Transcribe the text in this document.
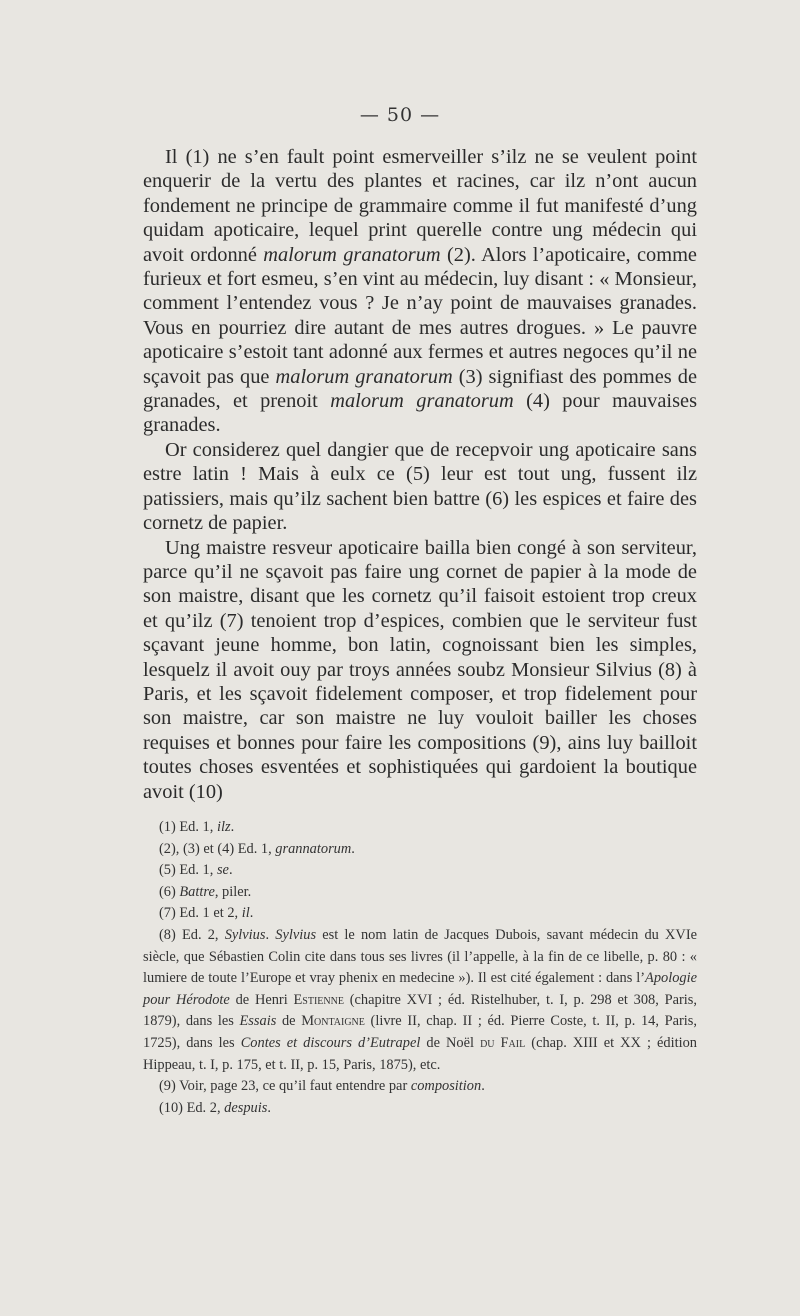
— 50 —

Il (1) ne s’en fault point esmerveiller s’ilz ne se veulent point enquerir de la vertu des plantes et racines, car ilz n’ont aucun fondement ne principe de grammaire comme il fut manifesté d’ung quidam apoticaire, lequel print querelle contre ung médecin qui avoit ordonné malorum granatorum (2). Alors l’apoticaire, comme furieux et fort esmeu, s’en vint au médecin, luy disant : « Monsieur, comment l’entendez vous ? Je n’ay point de mauvaises granades. Vous en pourriez dire autant de mes autres drogues. » Le pauvre apoticaire s’estoit tant adonné aux fermes et autres negoces qu’il ne sçavoit pas que malorum granatorum (3) signifiast des pommes de granades, et prenoit malorum granatorum (4) pour mauvaises granades.

Or considerez quel dangier que de recepvoir ung apoticaire sans estre latin ! Mais à eulx ce (5) leur est tout ung, fussent ilz patissiers, mais qu’ilz sachent bien battre (6) les espices et faire des cornetz de papier.

Ung maistre resveur apoticaire bailla bien congé à son serviteur, parce qu’il ne sçavoit pas faire ung cornet de papier à la mode de son maistre, disant que les cornetz qu’il faisoit estoient trop creux et qu’ilz (7) tenoient trop d’espices, combien que le serviteur fust sçavant jeune homme, bon latin, cognoissant bien les simples, lesquelz il avoit ouy par troys années soubz Monsieur Silvius (8) à Paris, et les sçavoit fidelement composer, et trop fidelement pour son maistre, car son maistre ne luy vouloit bailler les choses requises et bonnes pour faire les compositions (9), ains luy bailloit toutes choses esventées et sophistiquées qui gardoient la boutique avoit (10)

(1) Ed. 1, ilz.
(2), (3) et (4) Ed. 1, grannatorum.
(5) Ed. 1, se.
(6) Battre, piler.
(7) Ed. 1 et 2, il.
(8) Ed. 2, Sylvius. Sylvius est le nom latin de Jacques Dubois, savant médecin du XVIe siècle, que Sébastien Colin cite dans tous ses livres (il l’appelle, à la fin de ce libelle, p. 80 : « lumiere de toute l’Europe et vray phenix en medecine »). Il est cité également : dans l’Apologie pour Hérodote de Henri Estienne (chapitre XVI ; éd. Ristelhuber, t. I, p. 298 et 308, Paris, 1879), dans les Essais de Montaigne (livre II, chap. II ; éd. Pierre Coste, t. II, p. 14, Paris, 1725), dans les Contes et discours d’Eutrapel de Noël du Fail (chap. XIII et XX ; édition Hippeau, t. I, p. 175, et t. II, p. 15, Paris, 1875), etc.
(9) Voir, page 23, ce qu’il faut entendre par composition.
(10) Ed. 2, despuis.
